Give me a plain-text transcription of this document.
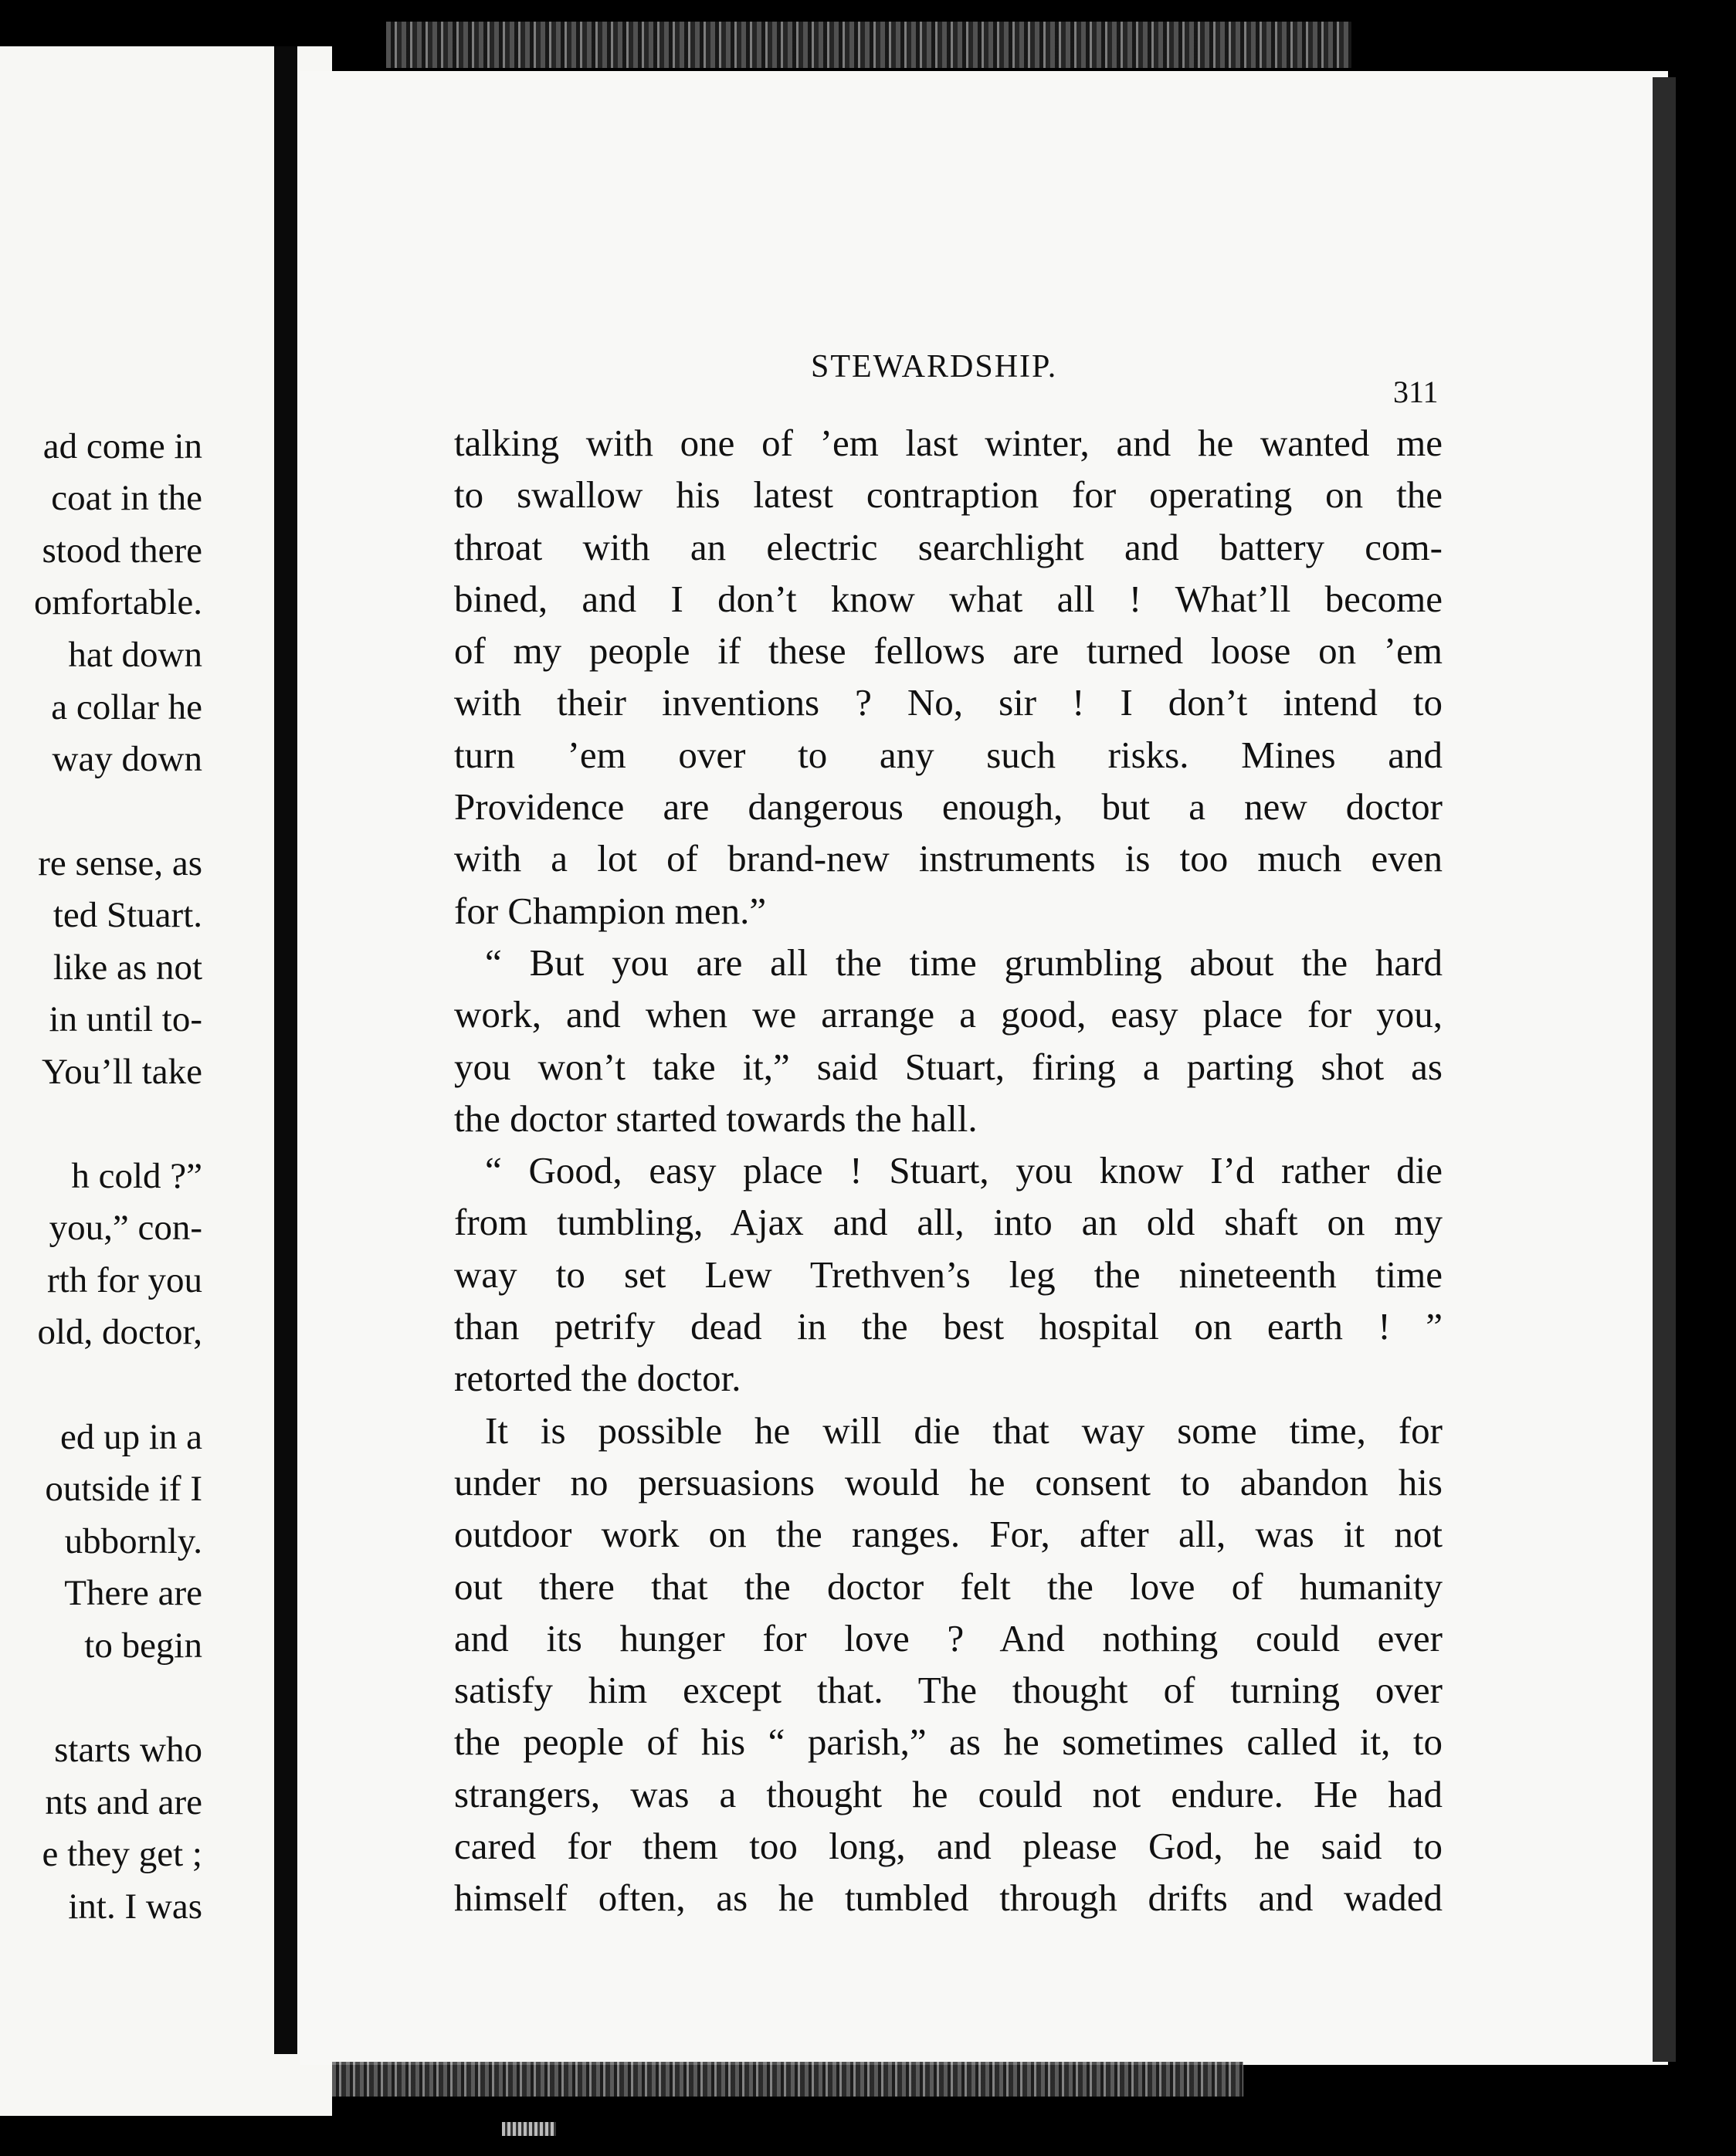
ad come in
coat in the
stood there
omfortable.
hat down
a collar he
way down
re sense, as
ted Stuart.
like as not
in until to-
You’ll take
h cold ?”
you,” con-
rth for you
old, doctor,
ed up in a
outside if I
ubbornly.
There are
to begin
starts who
nts and are
e they get ;
int. I was
STEWARDSHIP.
311
talking with one of ’em last winter, and he wanted me
to swallow his latest contraption for operating on the
throat with an electric searchlight and battery com-
bined, and I don’t know what all ! What’ll become
of my people if these fellows are turned loose on ’em
with their inventions ? No, sir ! I don’t intend to
turn ’em over to any such risks. Mines and
Providence are dangerous enough, but a new doctor
with a lot of brand-new instruments is too much even
for Champion men.”
“ But you are all the time grumbling about the hard
work, and when we arrange a good, easy place for you,
you won’t take it,” said Stuart, firing a parting shot as
the doctor started towards the hall.
“ Good, easy place ! Stuart, you know I’d rather die
from tumbling, Ajax and all, into an old shaft on my
way to set Lew Trethven’s leg the nineteenth time
than petrify dead in the best hospital on earth ! ”
retorted the doctor.
It is possible he will die that way some time, for
under no persuasions would he consent to abandon his
outdoor work on the ranges. For, after all, was it not
out there that the doctor felt the love of humanity
and its hunger for love ? And nothing could ever
satisfy him except that. The thought of turning over
the people of his “ parish,” as he sometimes called it, to
strangers, was a thought he could not endure. He had
cared for them too long, and please God, he said to
himself often, as he tumbled through drifts and waded
